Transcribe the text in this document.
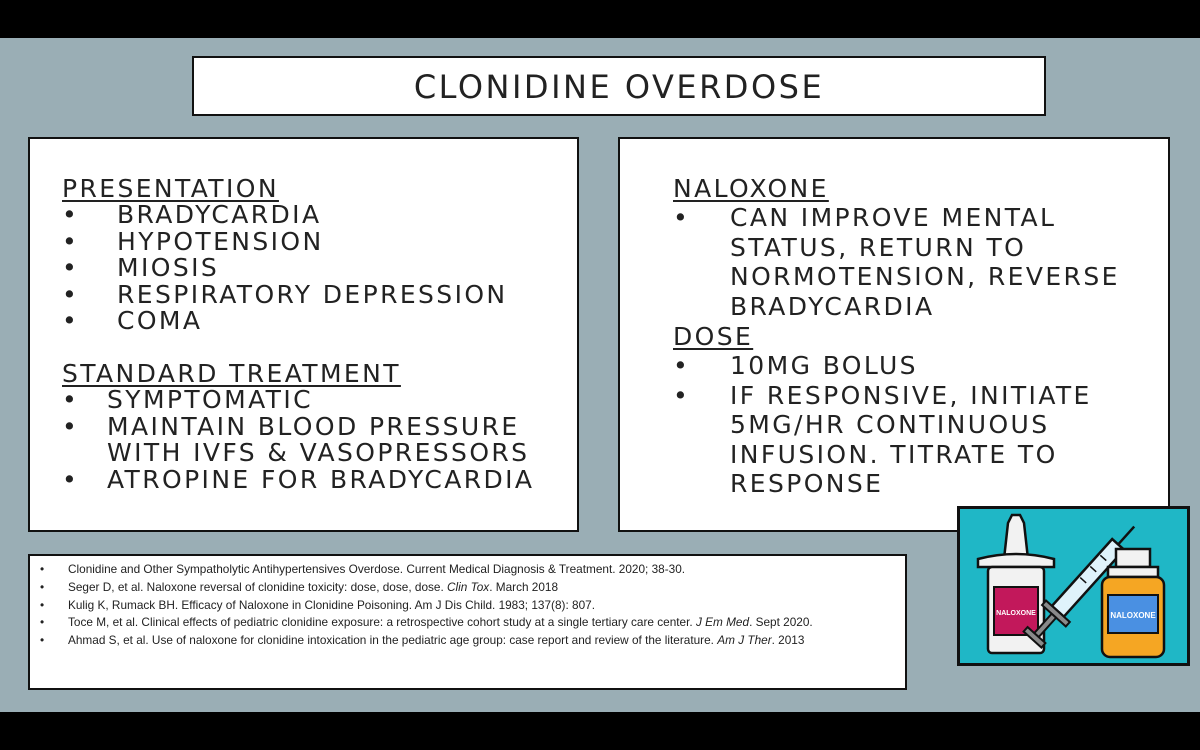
CLONIDINE OVERDOSE
PRESENTATION
• BRADYCARDIA
• HYPOTENSION
• MIOSIS
• RESPIRATORY DEPRESSION
• COMA
STANDARD TREATMENT
• SYMPTOMATIC
• MAINTAIN BLOOD PRESSURE
WITH IVFS & VASOPRESSORS
• ATROPINE FOR BRADYCARDIA
NALOXONE
• CAN IMPROVE MENTAL
STATUS, RETURN TO
NORMOTENSION, REVERSE
BRADYCARDIA
DOSE
• 10MG BOLUS
• IF RESPONSIVE, INITIATE
5MG/HR CONTINUOUS
INFUSION. TITRATE TO
RESPONSE
• Clonidine and Other Sympatholytic Antihypertensives Overdose. Current Medical Diagnosis & Treatment. 2020; 38-30.
• Seger D, et al. Naloxone reversal of clonidine toxicity: dose, dose, dose. Clin Tox. March 2018
• Kulig K, Rumack BH. Efficacy of Naloxone in Clonidine Poisoning. Am J Dis Child. 1983; 137(8): 807.
• Toce M, et al. Clinical effects of pediatric clonidine exposure: a retrospective cohort study at a single tertiary care center. J Em Med. Sept 2020.
• Ahmad S, et al. Use of naloxone for clonidine intoxication in the pediatric age group: case report and review of the literature. Am J Ther. 2013
NALOXONE	NALOXONE
